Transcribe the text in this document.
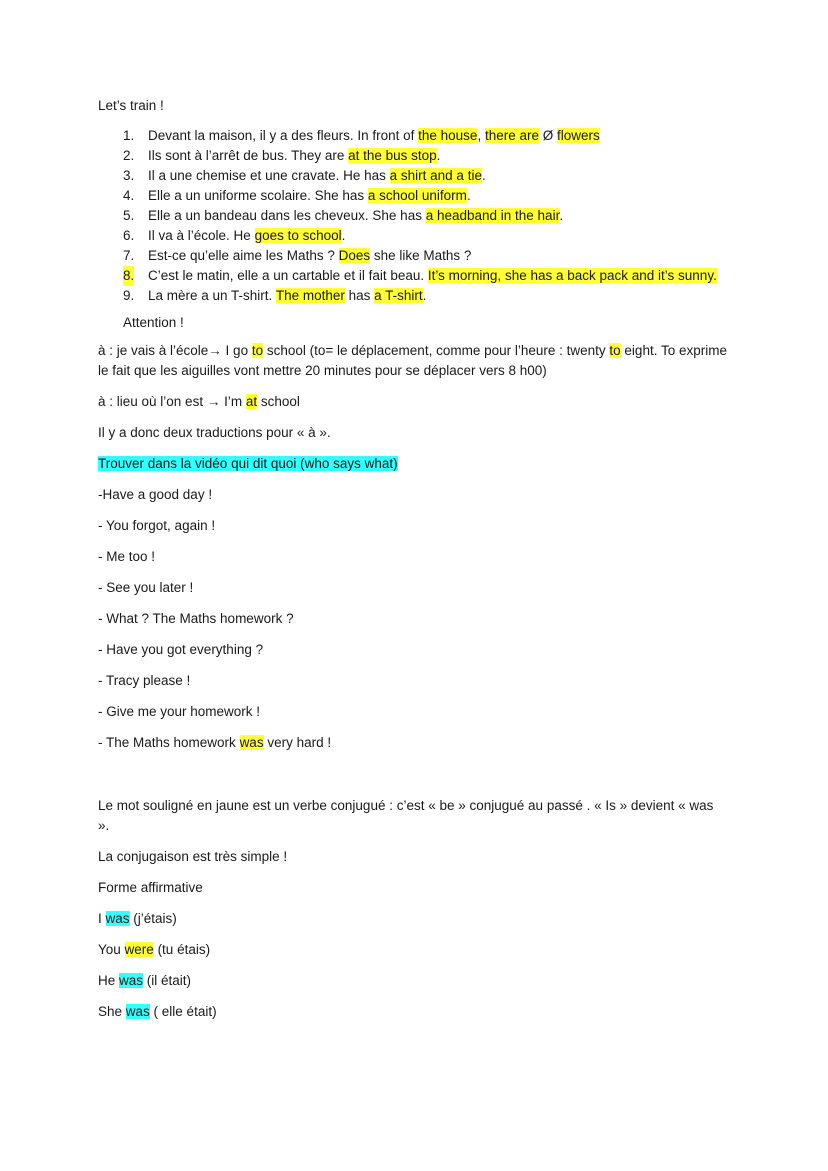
Let’s train !

1. Devant la maison, il y a des fleurs. In front of the house, there are Ø flowers
2. Ils sont à l’arrêt de bus. They are at the bus stop.
3. Il a une chemise et une cravate. He has a shirt and a tie.
4. Elle a un uniforme scolaire. She has a school uniform.
5. Elle a un bandeau dans les cheveux. She has a headband in the hair.
6. Il va à l’école. He goes to school.
7. Est-ce qu’elle aime les Maths ? Does she like Maths ?
8. C’est le matin, elle a un cartable et il fait beau. It’s morning, she has a back pack and it’s sunny.
9. La mère a un T-shirt. The mother has a T-shirt.

Attention !

à : je vais à l’école→ I go to school (to= le déplacement, comme pour l’heure : twenty to eight. To exprime le fait que les aiguilles vont mettre 20 minutes pour se déplacer vers 8 h00)

à : lieu où l’on est → I’m at school

Il y a donc deux traductions pour « à ».

Trouver dans la vidéo qui dit quoi (who says what)

-Have a good day !

- You forgot, again !

- Me too !

- See you later !

- What ? The Maths homework ?

- Have you got everything ?

- Tracy please !

- Give me your homework !

- The Maths homework was very hard !

Le mot souligné en jaune est un verbe conjugué : c’est « be » conjugué au passé . « Is » devient « was ».

La conjugaison est très simple !

Forme affirmative

I was (j’étais)

You were (tu étais)

He was (il était)

She was ( elle était)
